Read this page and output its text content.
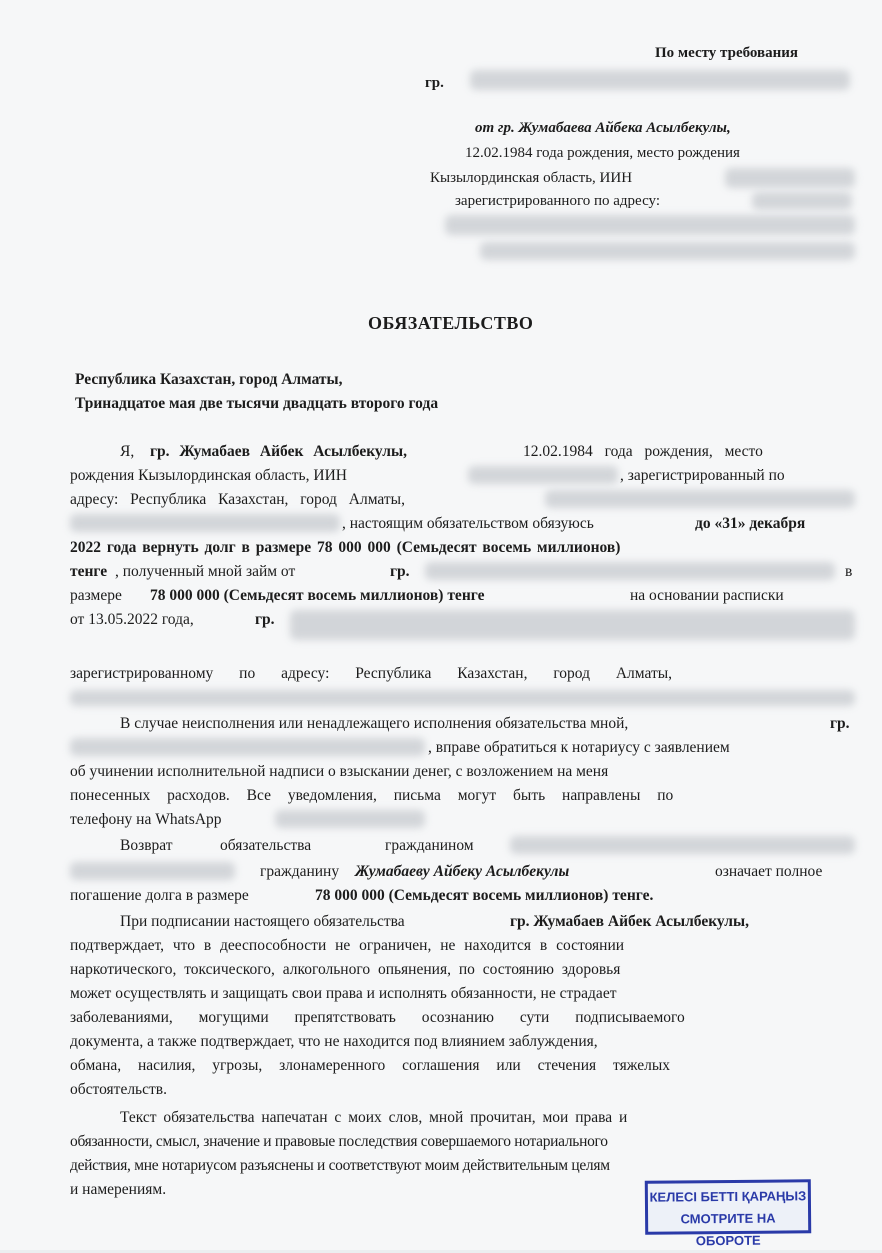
По месту требования
гр.
от гр. Жумабаева Айбека Асылбекулы,
12.02.1984 года рождения, место рождения
Кызылординская область, ИИН
зарегистрированного по адресу:
ОБЯЗАТЕЛЬСТВО
Республика Казахстан, город Алматы,
Тринадцатое мая две тысячи двадцать второго года
Я, гр. Жумабаев Айбек Асылбекулы,	12.02.1984 года рождения, место
рождения Кызылординская область, ИИН	, зарегистрированный по
адресу: Республика Казахстан, город Алматы,
, настоящим обязательством обязуюсь	до «31» декабря
2022 года вернуть долг в размере 78 000 000 (Семьдесят восемь миллионов)
тенге , полученный мной займ от	гр.	в
размере 78 000 000 (Семьдесят восемь миллионов) тенге	на основании расписки
от 13.05.2022 года,	гр.
зарегистрированному по адресу: Республика Казахстан, город Алматы,
В случае неисполнения или ненадлежащего исполнения обязательства мной,	гр.
, вправе обратиться к нотариусу с заявлением
об учинении исполнительной надписи о взыскании денег, с возложением на меня
понесенных расходов. Все уведомления, письма могут быть направлены по
телефону на WhatsApp
Возврат	обязательства	гражданином
гражданину Жумабаеву Айбеку Асылбекулы	означает полное
погашение долга в размере	78 000 000 (Семьдесят восемь миллионов) тенге.
При подписании настоящего обязательства	гр. Жумабаев Айбек Асылбекулы,
подтверждает, что в дееспособности не ограничен, не находится в состоянии
наркотического, токсического, алкогольного опьянения, по состоянию здоровья
может осуществлять и защищать свои права и исполнять обязанности, не страдает
заболеваниями, могущими препятствовать осознанию сути подписываемого
документа, а также подтверждает, что не находится под влиянием заблуждения,
обмана, насилия, угрозы, злонамеренного соглашения или стечения тяжелых
обстоятельств.
Текст обязательства напечатан с моих слов, мной прочитан, мои права и
обязанности, смысл, значение и правовые последствия совершаемого нотариального
действия, мне нотариусом разъяснены и соответствуют моим действительным целям
и намерениям.	КЕЛЕСІ БЕТТІ ҚАРАҢЫЗ
СМОТРИТЕ НА ОБОРОТЕ
